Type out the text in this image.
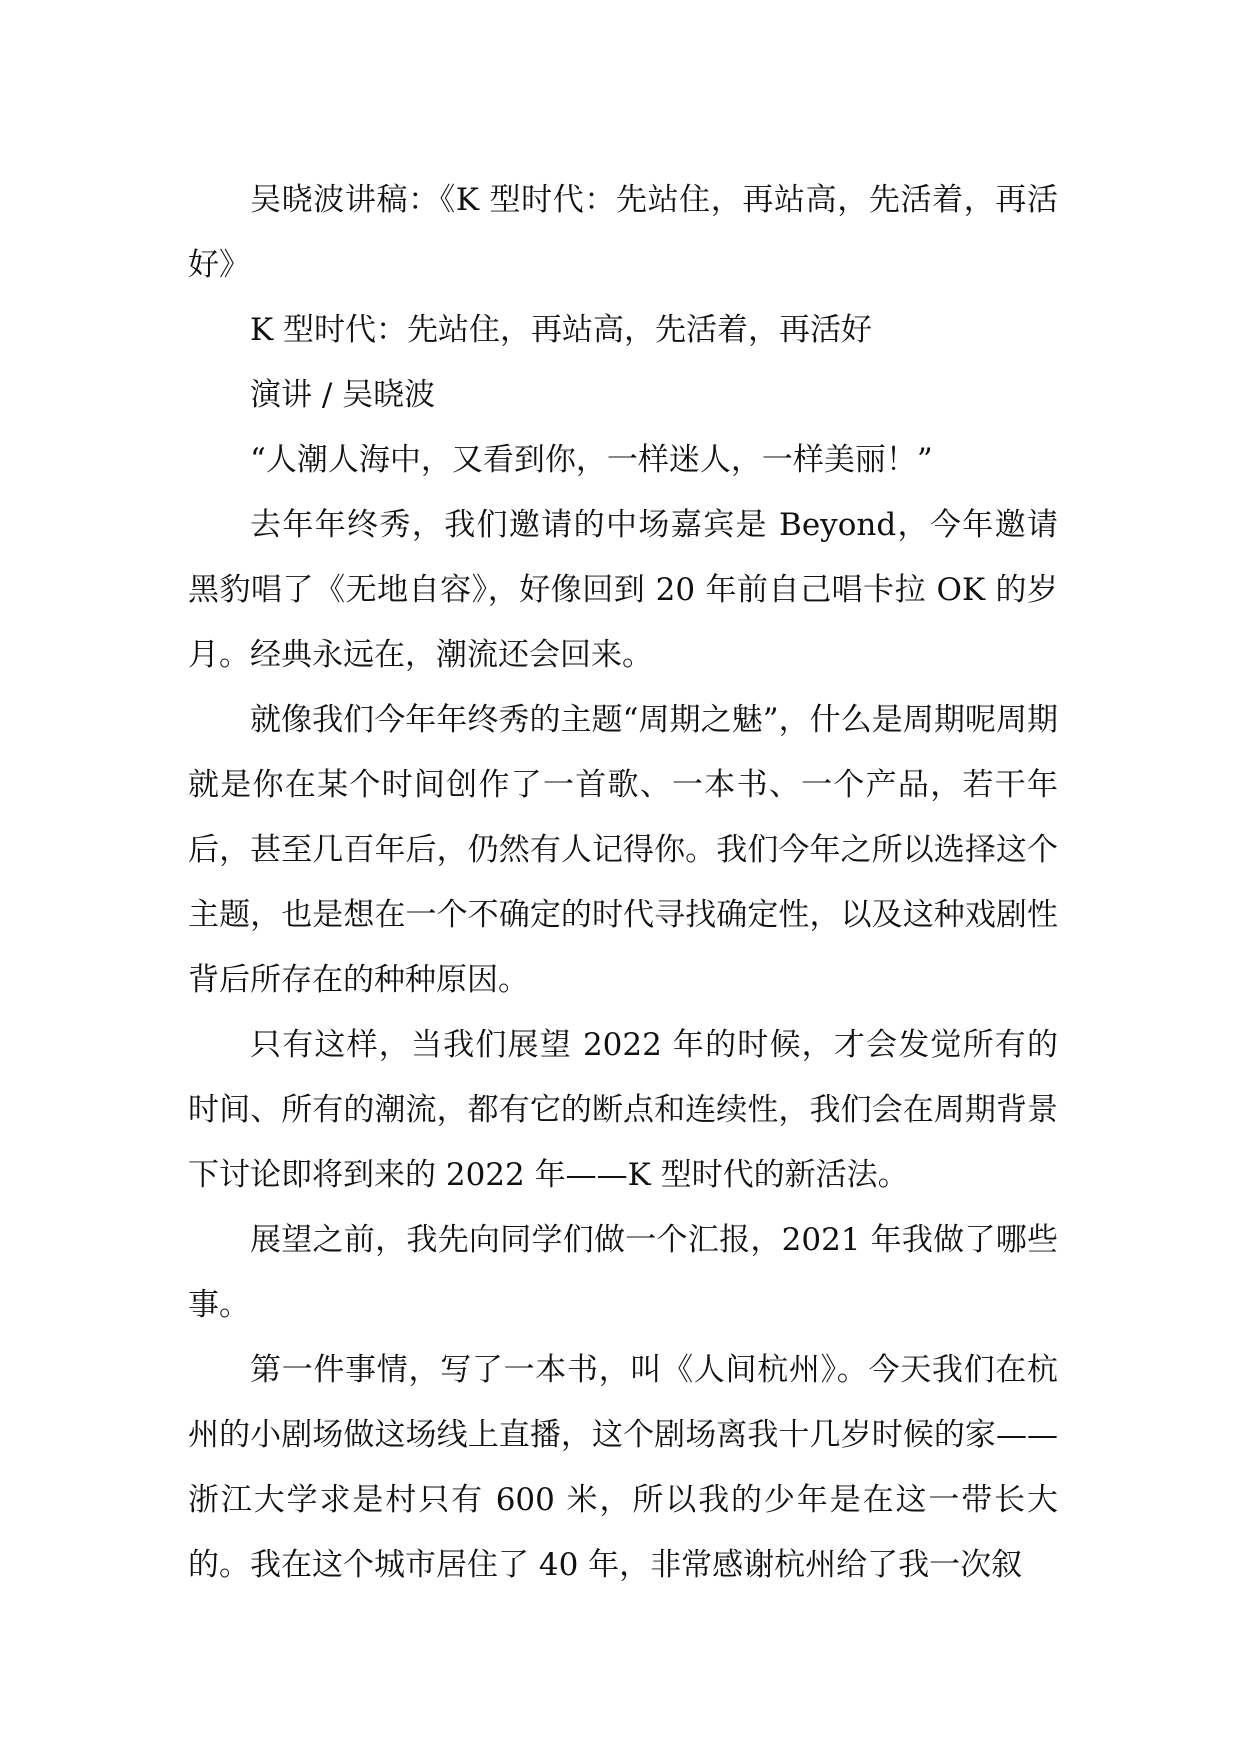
吴晓波讲稿：《K 型时代：先站住，再站高，先活着，再活好》

K 型时代：先站住，再站高，先活着，再活好

演讲 / 吴晓波

“人潮人海中，又看到你，一样迷人，一样美丽！”

去年年终秀，我们邀请的中场嘉宾是 Beyond，今年邀请黑豹唱了《无地自容》，好像回到 20 年前自己唱卡拉 OK 的岁月。经典永远在，潮流还会回来。

就像我们今年年终秀的主题“周期之魅”，什么是周期呢周期就是你在某个时间创作了一首歌、一本书、一个产品，若干年后，甚至几百年后，仍然有人记得你。我们今年之所以选择这个主题，也是想在一个不确定的时代寻找确定性，以及这种戏剧性背后所存在的种种原因。

只有这样，当我们展望 2022 年的时候，才会发觉所有的时间、所有的潮流，都有它的断点和连续性，我们会在周期背景下讨论即将到来的 2022 年——K 型时代的新活法。

展望之前，我先向同学们做一个汇报，2021 年我做了哪些事。

第一件事情，写了一本书，叫《人间杭州》。今天我们在杭州的小剧场做这场线上直播，这个剧场离我十几岁时候的家——浙江大学求是村只有 600 米，所以我的少年是在这一带长大的。我在这个城市居住了 40 年，非常感谢杭州给了我一次叙
